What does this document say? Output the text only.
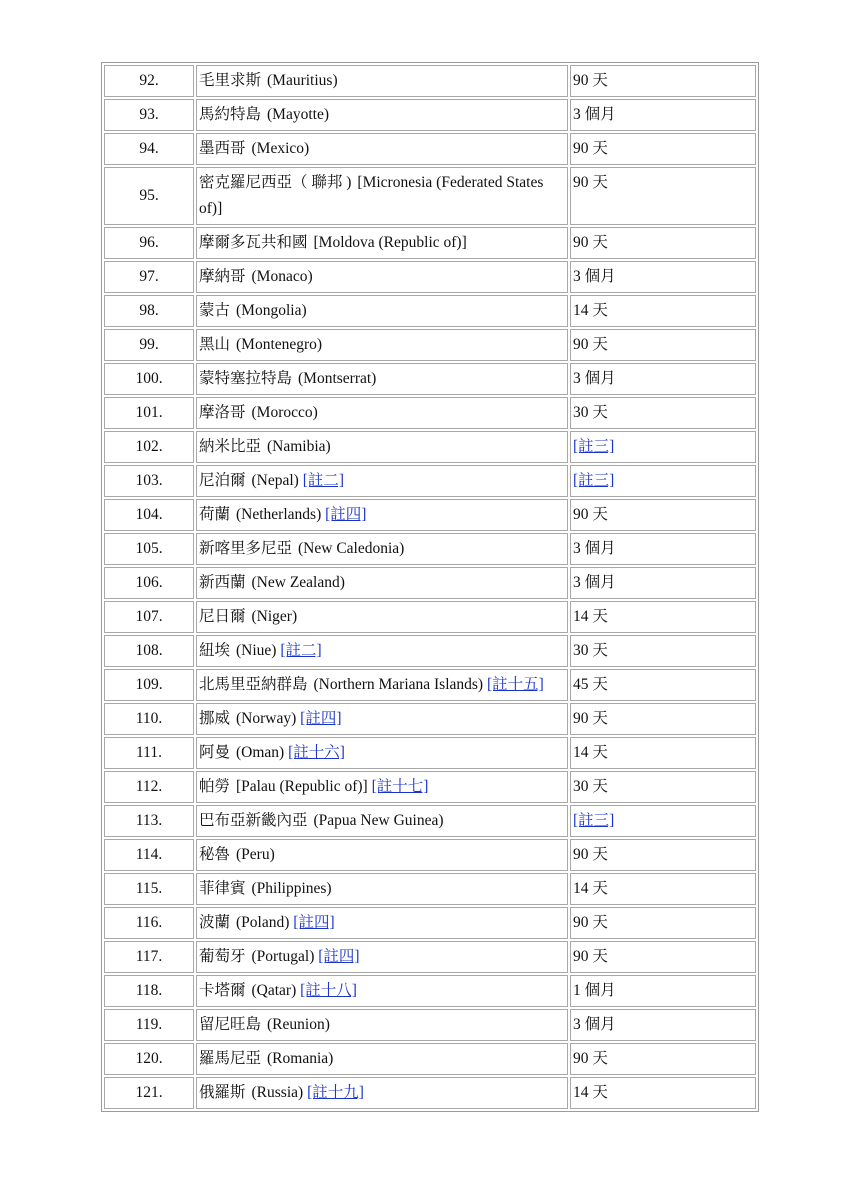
92.	毛里求斯 (Mauritius)	90 天
93.	馬約特島 (Mayotte)	3 個月
94.	墨西哥 (Mexico)	90 天
95.	密克羅尼西亞（ 聯邦 ) [Micronesia (Federated States of)]	90 天
96.	摩爾多瓦共和國 [Moldova (Republic of)]	90 天
97.	摩納哥 (Monaco)	3 個月
98.	蒙古 (Mongolia)	14 天
99.	黑山 (Montenegro)	90 天
100.	蒙特塞拉特島 (Montserrat)	3 個月
101.	摩洛哥 (Morocco)	30 天
102.	納米比亞 (Namibia)	[註三]
103.	尼泊爾 (Nepal) [註二]	[註三]
104.	荷蘭 (Netherlands) [註四]	90 天
105.	新喀里多尼亞 (New Caledonia)	3 個月
106.	新西蘭 (New Zealand)	3 個月
107.	尼日爾 (Niger)	14 天
108.	紐埃 (Niue) [註二]	30 天
109.	北馬里亞納群島 (Northern Mariana Islands) [註十五]	45 天
110.	挪威 (Norway) [註四]	90 天
111.	阿曼 (Oman) [註十六]	14 天
112.	帕勞 [Palau (Republic of)] [註十七]	30 天
113.	巴布亞新畿內亞 (Papua New Guinea)	[註三]
114.	秘魯 (Peru)	90 天
115.	菲律賓 (Philippines)	14 天
116.	波蘭 (Poland) [註四]	90 天
117.	葡萄牙 (Portugal) [註四]	90 天
118.	卡塔爾 (Qatar) [註十八]	1 個月
119.	留尼旺島 (Reunion)	3 個月
120.	羅馬尼亞 (Romania)	90 天
121.	俄羅斯 (Russia) [註十九]	14 天
